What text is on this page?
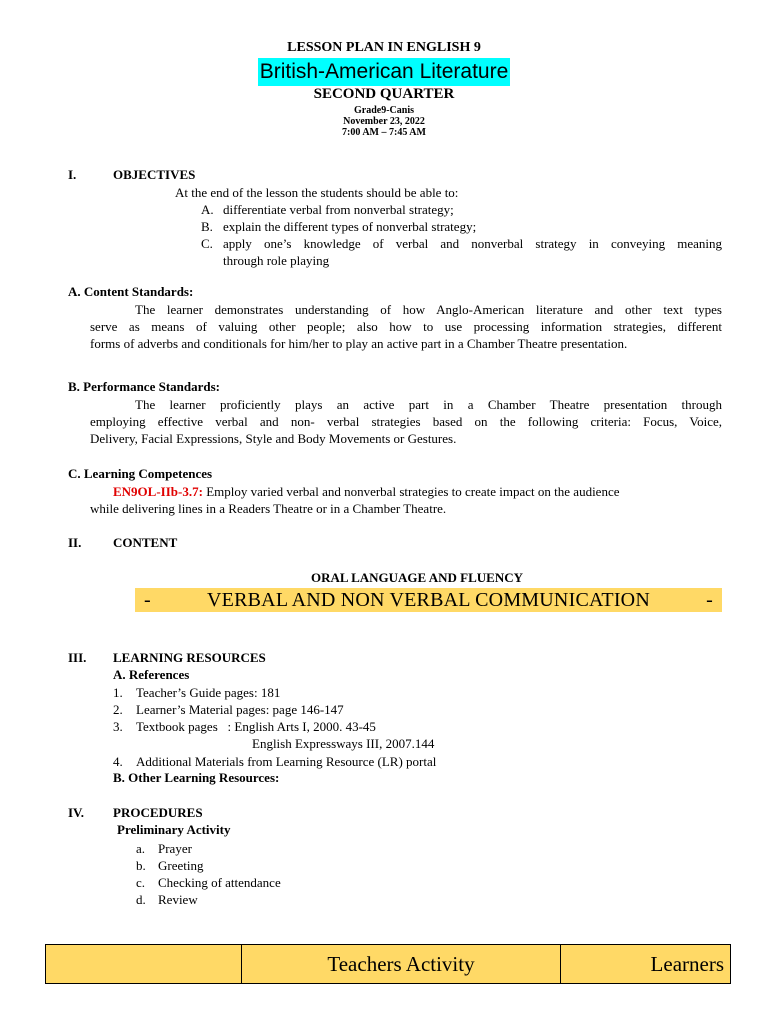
LESSON PLAN IN ENGLISH 9
British-American Literature
SECOND QUARTER
Grade9-Canis
November 23, 2022
7:00 AM – 7:45 AM
I.	OBJECTIVES
At the end of the lesson the students should be able to:
A. differentiate verbal from nonverbal strategy;
B. explain the different types of nonverbal strategy;
C. apply one’s knowledge of verbal and nonverbal strategy in conveying meaning
through role playing
A. Content Standards:
The learner demonstrates understanding of how Anglo-American literature and other text types
serve as means of valuing other people; also how to use processing information strategies, different
forms of adverbs and conditionals for him/her to play an active part in a Chamber Theatre presentation.
B. Performance Standards:
The learner proficiently plays an active part in a Chamber Theatre presentation through
employing effective verbal and non- verbal strategies based on the following criteria: Focus, Voice,
Delivery, Facial Expressions, Style and Body Movements or Gestures.
C. Learning Competences
EN9OL-IIb-3.7: Employ varied verbal and nonverbal strategies to create impact on the audience
while delivering lines in a Readers Theatre or in a Chamber Theatre.
II. CONTENT
ORAL LANGUAGE AND FLUENCY
-	VERBAL AND NON VERBAL COMMUNICATION	-
III. LEARNING RESOURCES
A. References
1. Teacher’s Guide pages: 181
2. Learner’s Material pages: page 146-147
3. Textbook pages   : English Arts I, 2000. 43-45
English Expressways III, 2007.144
4. Additional Materials from Learning Resource (LR) portal
B. Other Learning Resources:
IV. PROCEDURES
Preliminary Activity
a. Prayer
b. Greeting
c. Checking of attendance
d. Review
	Teachers Activity	Learners
